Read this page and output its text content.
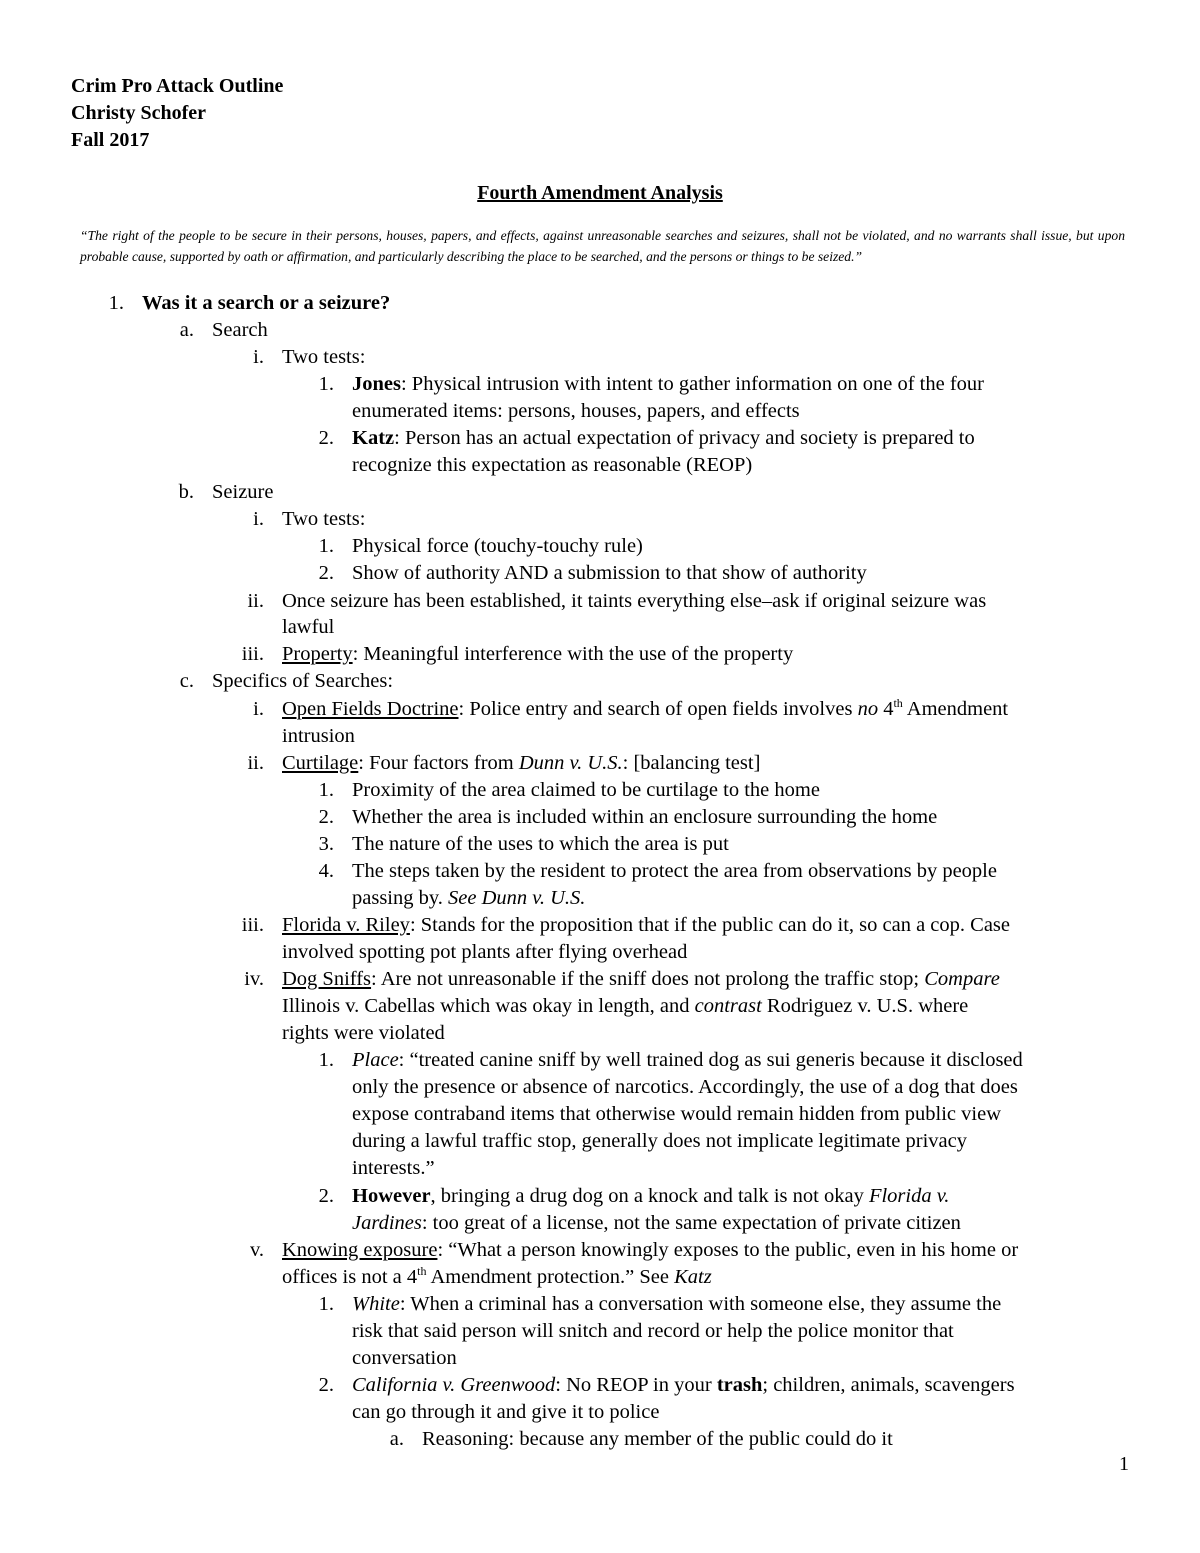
Crim Pro Attack Outline
Christy Schofer
Fall 2017
Fourth Amendment Analysis
“The right of the people to be secure in their persons, houses, papers, and effects, against unreasonable searches and seizures, shall not be violated, and no warrants shall issue, but upon probable cause, supported by oath or affirmation, and particularly describing the place to be searched, and the persons or things to be seized.”
1. Was it a search or a seizure?
a. Search
i. Two tests:
1. Jones: Physical intrusion with intent to gather information on one of the four
enumerated items: persons, houses, papers, and effects
2. Katz: Person has an actual expectation of privacy and society is prepared to
recognize this expectation as reasonable (REOP)
b. Seizure
i. Two tests:
1. Physical force (touchy-touchy rule)
2. Show of authority AND a submission to that show of authority
ii. Once seizure has been established, it taints everything else–ask if original seizure was
lawful
iii. Property: Meaningful interference with the use of the property
c. Specifics of Searches:
i. Open Fields Doctrine: Police entry and search of open fields involves no 4th Amendment
intrusion
ii. Curtilage: Four factors from Dunn v. U.S.: [balancing test]
1. Proximity of the area claimed to be curtilage to the home
2. Whether the area is included within an enclosure surrounding the home
3. The nature of the uses to which the area is put
4. The steps taken by the resident to protect the area from observations by people
passing by. See Dunn v. U.S.
iii. Florida v. Riley: Stands for the proposition that if the public can do it, so can a cop. Case
involved spotting pot plants after flying overhead
iv. Dog Sniffs: Are not unreasonable if the sniff does not prolong the traffic stop; Compare
Illinois v. Cabellas which was okay in length, and contrast Rodriguez v. U.S. where
rights were violated
1. Place: “treated canine sniff by well trained dog as sui generis because it disclosed
only the presence or absence of narcotics. Accordingly, the use of a dog that does
expose contraband items that otherwise would remain hidden from public view
during a lawful traffic stop, generally does not implicate legitimate privacy
interests.”
2. However, bringing a drug dog on a knock and talk is not okay Florida v.
Jardines: too great of a license, not the same expectation of private citizen
v. Knowing exposure: “What a person knowingly exposes to the public, even in his home or
offices is not a 4th Amendment protection.” See Katz
1. White: When a criminal has a conversation with someone else, they assume the
risk that said person will snitch and record or help the police monitor that
conversation
2. California v. Greenwood: No REOP in your trash; children, animals, scavengers
can go through it and give it to police
a. Reasoning: because any member of the public could do it
1
